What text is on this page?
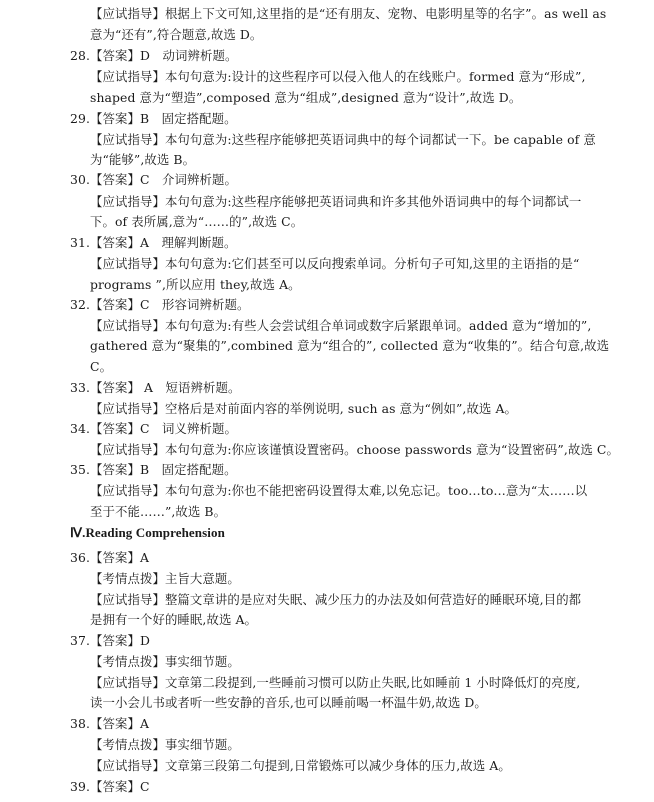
【应试指导】根据上下文可知,这里指的是“还有朋友、宠物、电影明星等的名字”。as well as
意为“还有”,符合题意,故选 D。
28.【答案】D　动词辨析题。
【应试指导】本句句意为:设计的这些程序可以侵入他人的在线账户。formed 意为“形成”,
shaped 意为“塑造”,composed 意为“组成”,designed 意为“设计”,故选 D。
29.【答案】B　固定搭配题。
【应试指导】本句句意为:这些程序能够把英语词典中的每个词都试一下。be capable of 意
为“能够”,故选 B。
30.【答案】C　介词辨析题。
【应试指导】本句句意为:这些程序能够把英语词典和许多其他外语词典中的每个词都试一
下。of 表所属,意为“……的”,故选 C。
31.【答案】A　理解判断题。
【应试指导】本句句意为:它们甚至可以反向搜索单词。分析句子可知,这里的主语指的是“
programs ”,所以应用 they,故选 A。
32.【答案】C　形容词辨析题。
【应试指导】本句句意为:有些人会尝试组合单词或数字后紧跟单词。added 意为“增加的”,
gathered 意为“聚集的”,combined 意为“组合的”, collected 意为“收集的”。结合句意,故选
C。
33.【答案】 A　短语辨析题。
【应试指导】空格后是对前面内容的举例说明, such as 意为“例如”,故选 A。
34.【答案】C　词义辨析题。
【应试指导】本句句意为:你应该谨慎设置密码。choose passwords 意为“设置密码”,故选 C。
35.【答案】B　固定搭配题。
【应试指导】本句句意为:你也不能把密码设置得太难,以免忘记。too…to…意为“太……以
至于不能……”,故选 B。
Ⅳ.Reading Comprehension
36.【答案】A
【考情点拨】主旨大意题。
【应试指导】整篇文章讲的是应对失眠、减少压力的办法及如何营造好的睡眠环境,目的都
是拥有一个好的睡眠,故选 A。
37.【答案】D
【考情点拨】事实细节题。
【应试指导】文章第二段提到,一些睡前习惯可以防止失眠,比如睡前 1 小时降低灯的亮度,
读一小会儿书或者听一些安静的音乐,也可以睡前喝一杯温牛奶,故选 D。
38.【答案】A
【考情点拨】事实细节题。
【应试指导】文章第三段第二句提到,日常锻炼可以减少身体的压力,故选 A。
39.【答案】C
